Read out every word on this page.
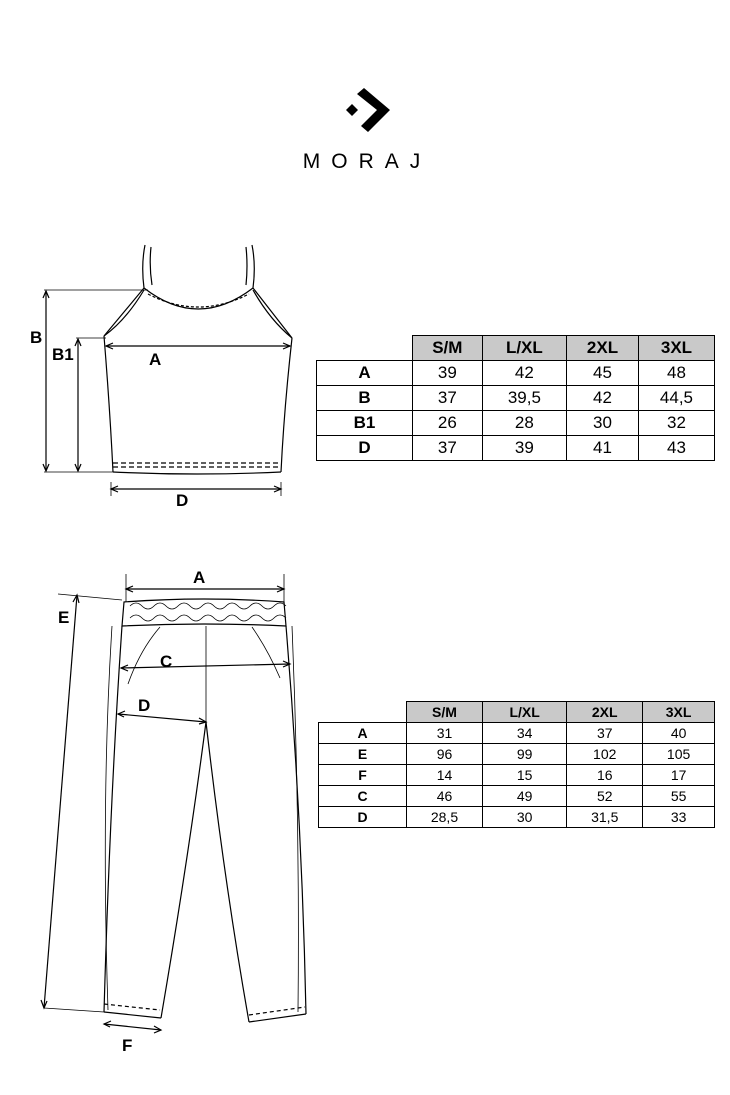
MORAJ
B
B1	A
D
A
E
C
D
F
	S/M	L/XL	2XL	3XL
A	39	42	45	48
B	37	39,5	42	44,5
B1	26	28	30	32
D	37	39	41	43
	S/M	L/XL	2XL	3XL
A	31	34	37	40
E	96	99	102	105
F	14	15	16	17
C	46	49	52	55
D	28,5	30	31,5	33
